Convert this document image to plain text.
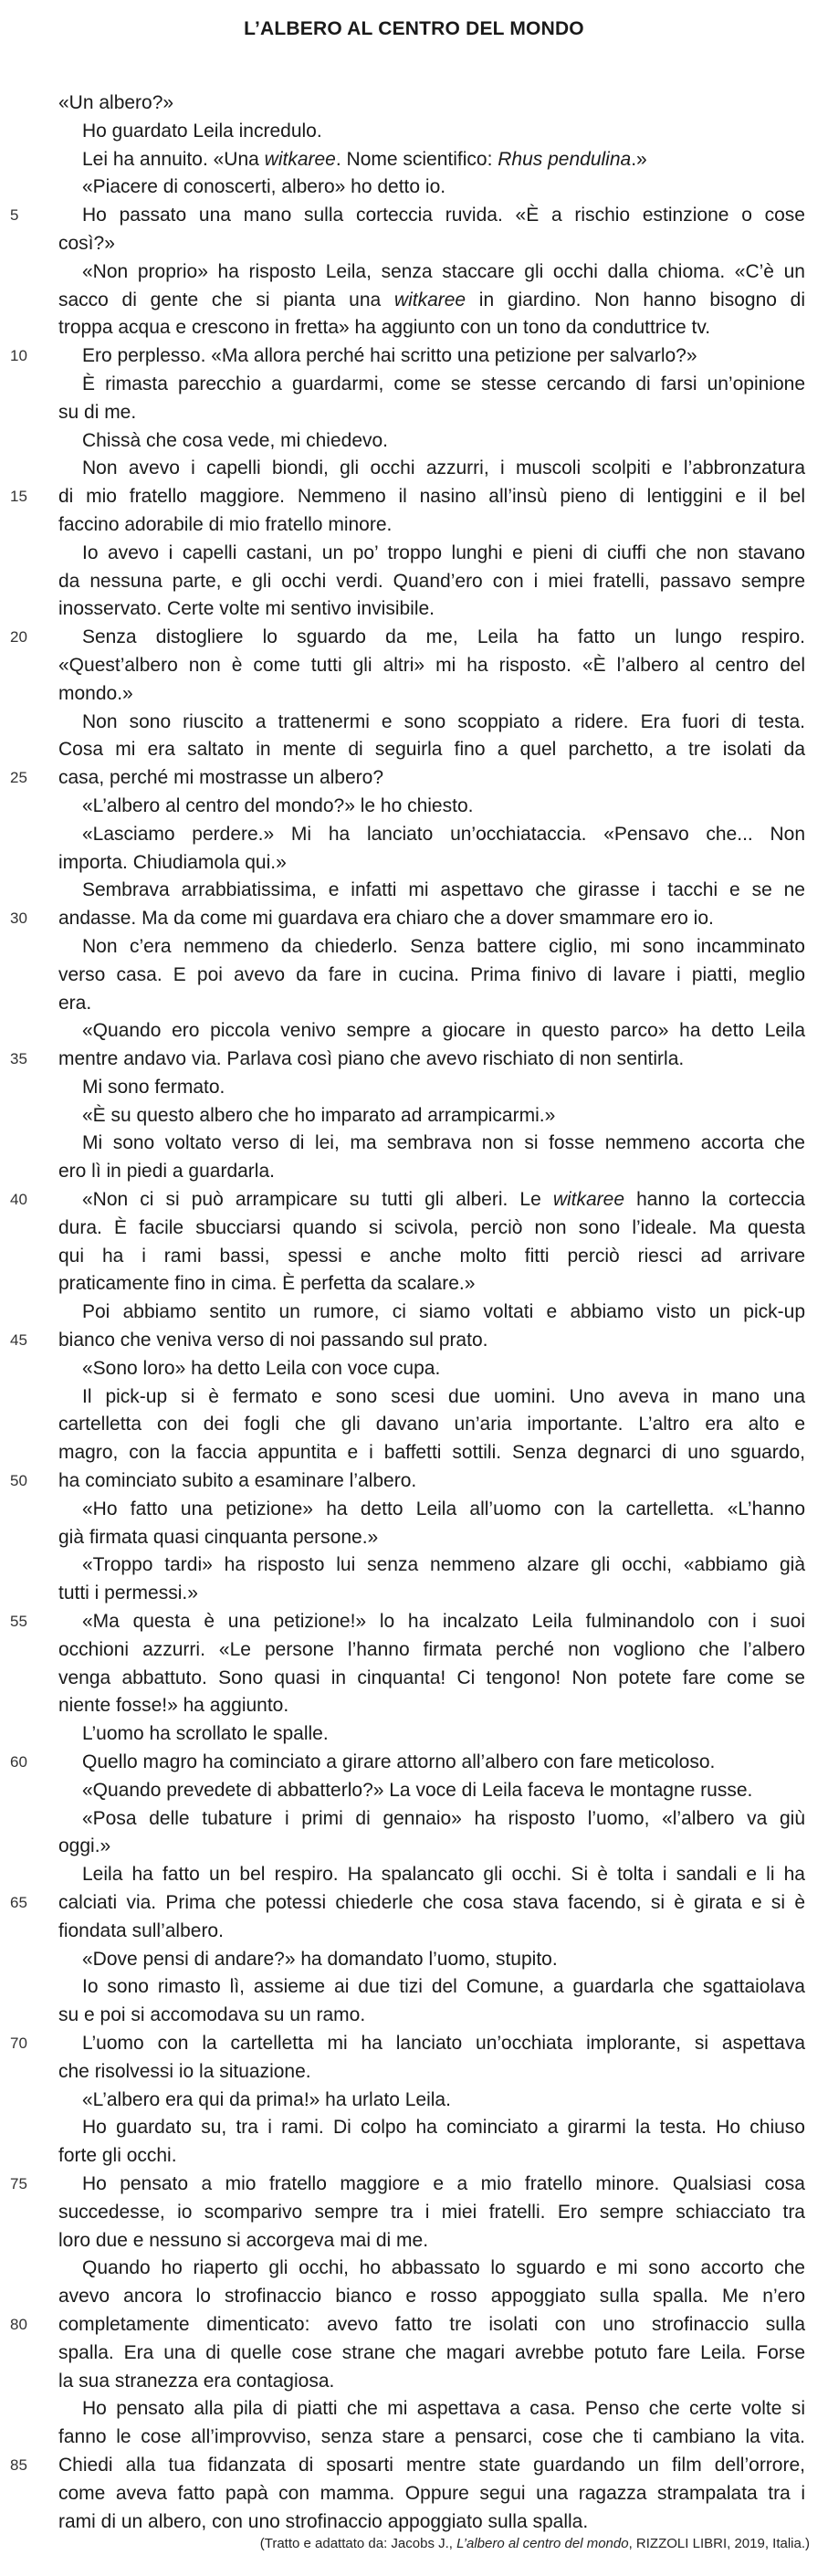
L’ALBERO AL CENTRO DEL MONDO
«Un albero?»
Ho guardato Leila incredulo.
Lei ha annuito. «Una witkaree. Nome scientifico: Rhus pendulina.»
«Piacere di conoscerti, albero» ho detto io.
5	Ho passato una mano sulla corteccia ruvida. «È a rischio estinzione o cose
così?»
«Non proprio» ha risposto Leila, senza staccare gli occhi dalla chioma. «C’è un
sacco di gente che si pianta una witkaree in giardino. Non hanno bisogno di
troppa acqua e crescono in fretta» ha aggiunto con un tono da conduttrice tv.
10	Ero perplesso. «Ma allora perché hai scritto una petizione per salvarlo?»
È rimasta parecchio a guardarmi, come se stesse cercando di farsi un’opinione
su di me.
Chissà che cosa vede, mi chiedevo.
Non avevo i capelli biondi, gli occhi azzurri, i muscoli scolpiti e l’abbronzatura
15	di mio fratello maggiore. Nemmeno il nasino all’insù pieno di lentiggini e il bel
faccino adorabile di mio fratello minore.
Io avevo i capelli castani, un po’ troppo lunghi e pieni di ciuffi che non stavano
da nessuna parte, e gli occhi verdi. Quand’ero con i miei fratelli, passavo sempre
inosservato. Certe volte mi sentivo invisibile.
20	Senza distogliere lo sguardo da me, Leila ha fatto un lungo respiro.
«Quest’albero non è come tutti gli altri» mi ha risposto. «È l’albero al centro del
mondo.»
Non sono riuscito a trattenermi e sono scoppiato a ridere. Era fuori di testa.
Cosa mi era saltato in mente di seguirla fino a quel parchetto, a tre isolati da
25	casa, perché mi mostrasse un albero?
«L’albero al centro del mondo?» le ho chiesto.
«Lasciamo perdere.» Mi ha lanciato un’occhiataccia. «Pensavo che... Non
importa. Chiudiamola qui.»
Sembrava arrabbiatissima, e infatti mi aspettavo che girasse i tacchi e se ne
30	andasse. Ma da come mi guardava era chiaro che a dover smammare ero io.
Non c’era nemmeno da chiederlo. Senza battere ciglio, mi sono incamminato
verso casa. E poi avevo da fare in cucina. Prima finivo di lavare i piatti, meglio
era.
«Quando ero piccola venivo sempre a giocare in questo parco» ha detto Leila
35	mentre andavo via. Parlava così piano che avevo rischiato di non sentirla.
Mi sono fermato.
«È su questo albero che ho imparato ad arrampicarmi.»
Mi sono voltato verso di lei, ma sembrava non si fosse nemmeno accorta che
ero lì in piedi a guardarla.
40	«Non ci si può arrampicare su tutti gli alberi. Le witkaree hanno la corteccia
dura. È facile sbucciarsi quando si scivola, perciò non sono l’ideale. Ma questa
qui ha i rami bassi, spessi e anche molto fitti perciò riesci ad arrivare
praticamente fino in cima. È perfetta da scalare.»
Poi abbiamo sentito un rumore, ci siamo voltati e abbiamo visto un pick-up
45	bianco che veniva verso di noi passando sul prato.
«Sono loro» ha detto Leila con voce cupa.
Il pick-up si è fermato e sono scesi due uomini. Uno aveva in mano una
cartelletta con dei fogli che gli davano un’aria importante. L’altro era alto e
magro, con la faccia appuntita e i baffetti sottili. Senza degnarci di uno sguardo,
50	ha cominciato subito a esaminare l’albero.
«Ho fatto una petizione» ha detto Leila all’uomo con la cartelletta. «L’hanno
già firmata quasi cinquanta persone.»
«Troppo tardi» ha risposto lui senza nemmeno alzare gli occhi, «abbiamo già
tutti i permessi.»
55	«Ma questa è una petizione!» lo ha incalzato Leila fulminandolo con i suoi
occhioni azzurri. «Le persone l’hanno firmata perché non vogliono che l’albero
venga abbattuto. Sono quasi in cinquanta! Ci tengono! Non potete fare come se
niente fosse!» ha aggiunto.
L’uomo ha scrollato le spalle.
60	Quello magro ha cominciato a girare attorno all’albero con fare meticoloso.
«Quando prevedete di abbatterlo?» La voce di Leila faceva le montagne russe.
«Posa delle tubature i primi di gennaio» ha risposto l’uomo, «l’albero va giù
oggi.»
Leila ha fatto un bel respiro. Ha spalancato gli occhi. Si è tolta i sandali e li ha
65	calciati via. Prima che potessi chiederle che cosa stava facendo, si è girata e si è
fiondata sull’albero.
«Dove pensi di andare?» ha domandato l’uomo, stupito.
Io sono rimasto lì, assieme ai due tizi del Comune, a guardarla che sgattaiolava
su e poi si accomodava su un ramo.
70	L’uomo con la cartelletta mi ha lanciato un’occhiata implorante, si aspettava
che risolvessi io la situazione.
«L’albero era qui da prima!» ha urlato Leila.
Ho guardato su, tra i rami. Di colpo ha cominciato a girarmi la testa. Ho chiuso
forte gli occhi.
75	Ho pensato a mio fratello maggiore e a mio fratello minore. Qualsiasi cosa
succedesse, io scomparivo sempre tra i miei fratelli. Ero sempre schiacciato tra
loro due e nessuno si accorgeva mai di me.
Quando ho riaperto gli occhi, ho abbassato lo sguardo e mi sono accorto che
avevo ancora lo strofinaccio bianco e rosso appoggiato sulla spalla. Me n’ero
80	completamente dimenticato: avevo fatto tre isolati con uno strofinaccio sulla
spalla. Era una di quelle cose strane che magari avrebbe potuto fare Leila. Forse
la sua stranezza era contagiosa.
Ho pensato alla pila di piatti che mi aspettava a casa. Penso che certe volte si
fanno le cose all’improvviso, senza stare a pensarci, cose che ti cambiano la vita.
85	Chiedi alla tua fidanzata di sposarti mentre state guardando un film dell’orrore,
come aveva fatto papà con mamma. Oppure segui una ragazza strampalata tra i
rami di un albero, con uno strofinaccio appoggiato sulla spalla.
(Tratto e adattato da: Jacobs J., L’albero al centro del mondo, RIZZOLI LIBRI, 2019, Italia.)
